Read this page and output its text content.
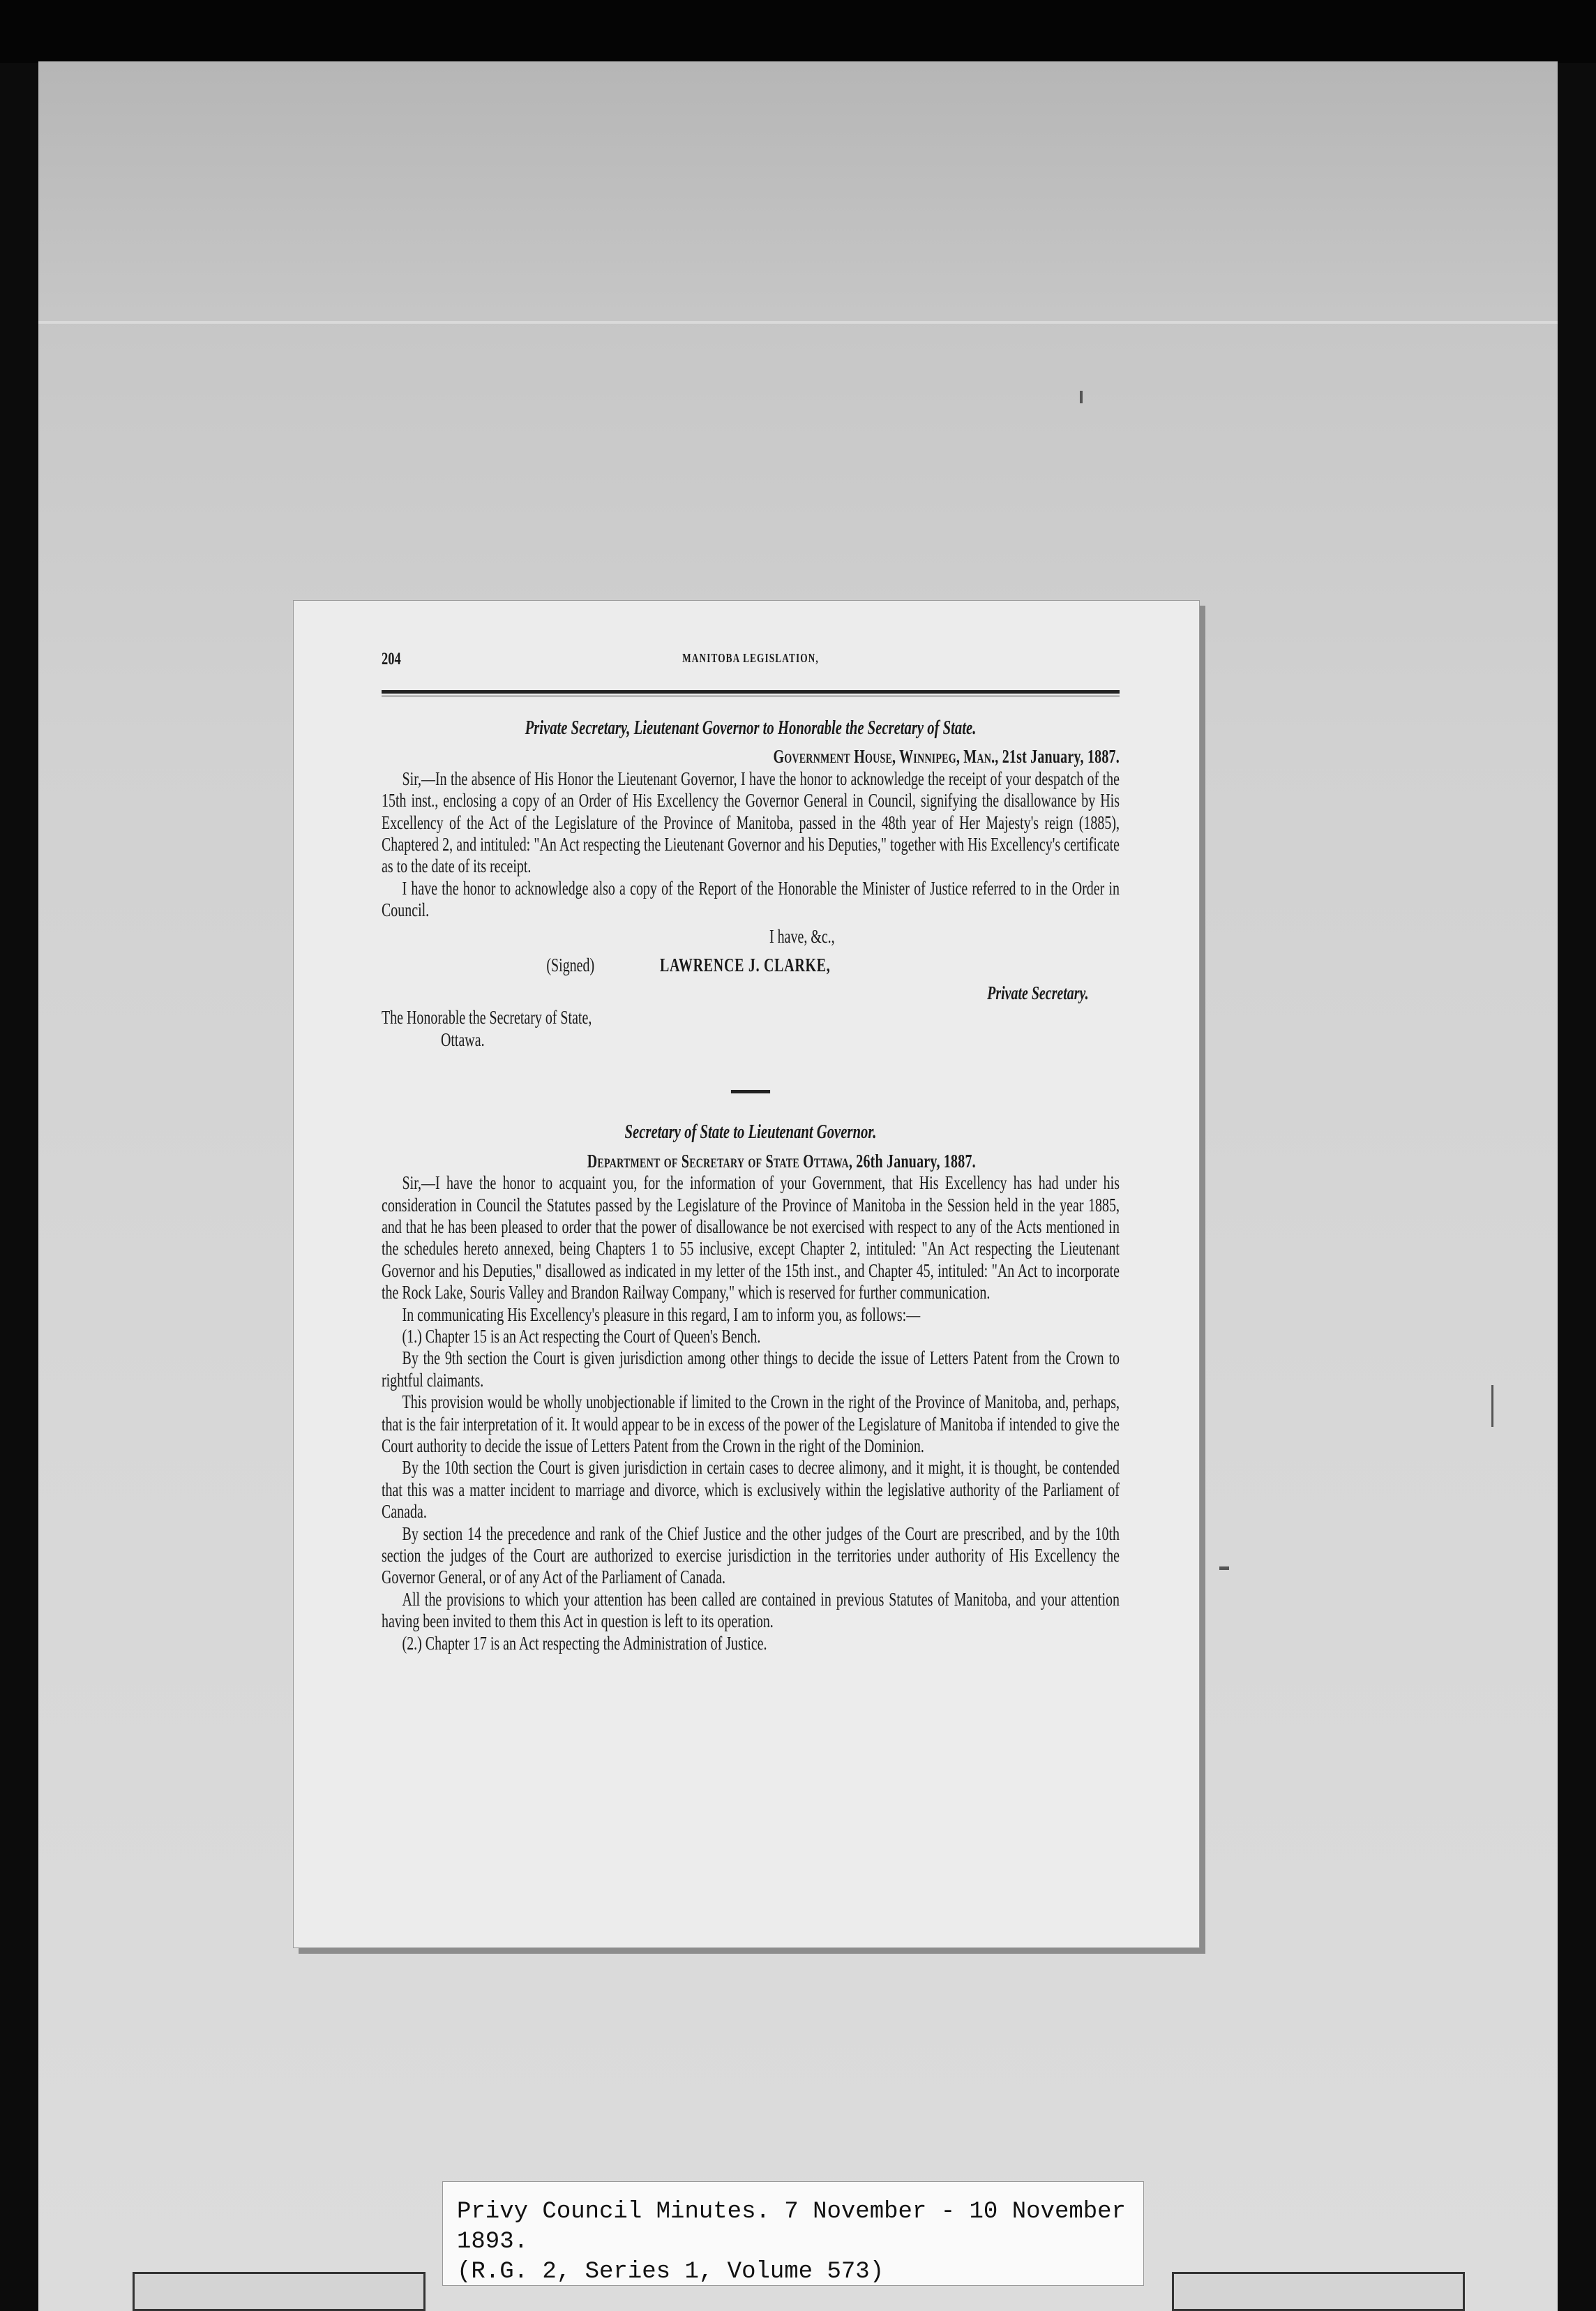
204	MANITOBA LEGISLATION,

Private Secretary, Lieutenant Governor to Honorable the Secretary of State.

Government House, Winnipeg, Man., 21st January, 1887.

Sir,—In the absence of His Honor the Lieutenant Governor, I have the honor to acknowledge the receipt of your despatch of the 15th inst., enclosing a copy of an Order of His Excellency the Governor General in Council, signifying the disallowance by His Excellency of the Act of the Legislature of the Province of Manitoba, passed in the 48th year of Her Majesty's reign (1885), Chaptered 2, and intituled: "An Act respecting the Lieutenant Governor and his Deputies," together with His Excellency's certificate as to the date of its receipt.

I have the honor to acknowledge also a copy of the Report of the Honorable the Minister of Justice referred to in the Order in Council.

I have, &c.,

(Signed)	LAWRENCE J. CLARKE,

Private Secretary.

The Honorable the Secretary of State,

Ottawa.

Secretary of State to Lieutenant Governor.

Department of Secretary of State Ottawa, 26th January, 1887.

Sir,—I have the honor to acquaint you, for the information of your Government, that His Excellency has had under his consideration in Council the Statutes passed by the Legislature of the Province of Manitoba in the Session held in the year 1885, and that he has been pleased to order that the power of disallowance be not exercised with respect to any of the Acts mentioned in the schedules hereto annexed, being Chapters 1 to 55 inclusive, except Chapter 2, intituled: "An Act respecting the Lieutenant Governor and his Deputies," disallowed as indicated in my letter of the 15th inst., and Chapter 45, intituled: "An Act to incorporate the Rock Lake, Souris Valley and Brandon Railway Company," which is reserved for further communication.

In communicating His Excellency's pleasure in this regard, I am to inform you, as follows:—

(1.) Chapter 15 is an Act respecting the Court of Queen's Bench.

By the 9th section the Court is given jurisdiction among other things to decide the issue of Letters Patent from the Crown to rightful claimants.

This provision would be wholly unobjectionable if limited to the Crown in the right of the Province of Manitoba, and, perhaps, that is the fair interpretation of it. It would appear to be in excess of the power of the Legislature of Manitoba if intended to give the Court authority to decide the issue of Letters Patent from the Crown in the right of the Dominion.

By the 10th section the Court is given jurisdiction in certain cases to decree alimony, and it might, it is thought, be contended that this was a matter incident to marriage and divorce, which is exclusively within the legislative authority of the Parliament of Canada.

By section 14 the precedence and rank of the Chief Justice and the other judges of the Court are prescribed, and by the 10th section the judges of the Court are authorized to exercise jurisdiction in the territories under authority of His Excellency the Governor General, or of any Act of the Parliament of Canada.

All the provisions to which your attention has been called are contained in previous Statutes of Manitoba, and your attention having been invited to them this Act in question is left to its operation.

(2.) Chapter 17 is an Act respecting the Administration of Justice.

Privy Council Minutes. 7 November - 10 November 1893.
(R.G. 2, Series 1, Volume 573)
